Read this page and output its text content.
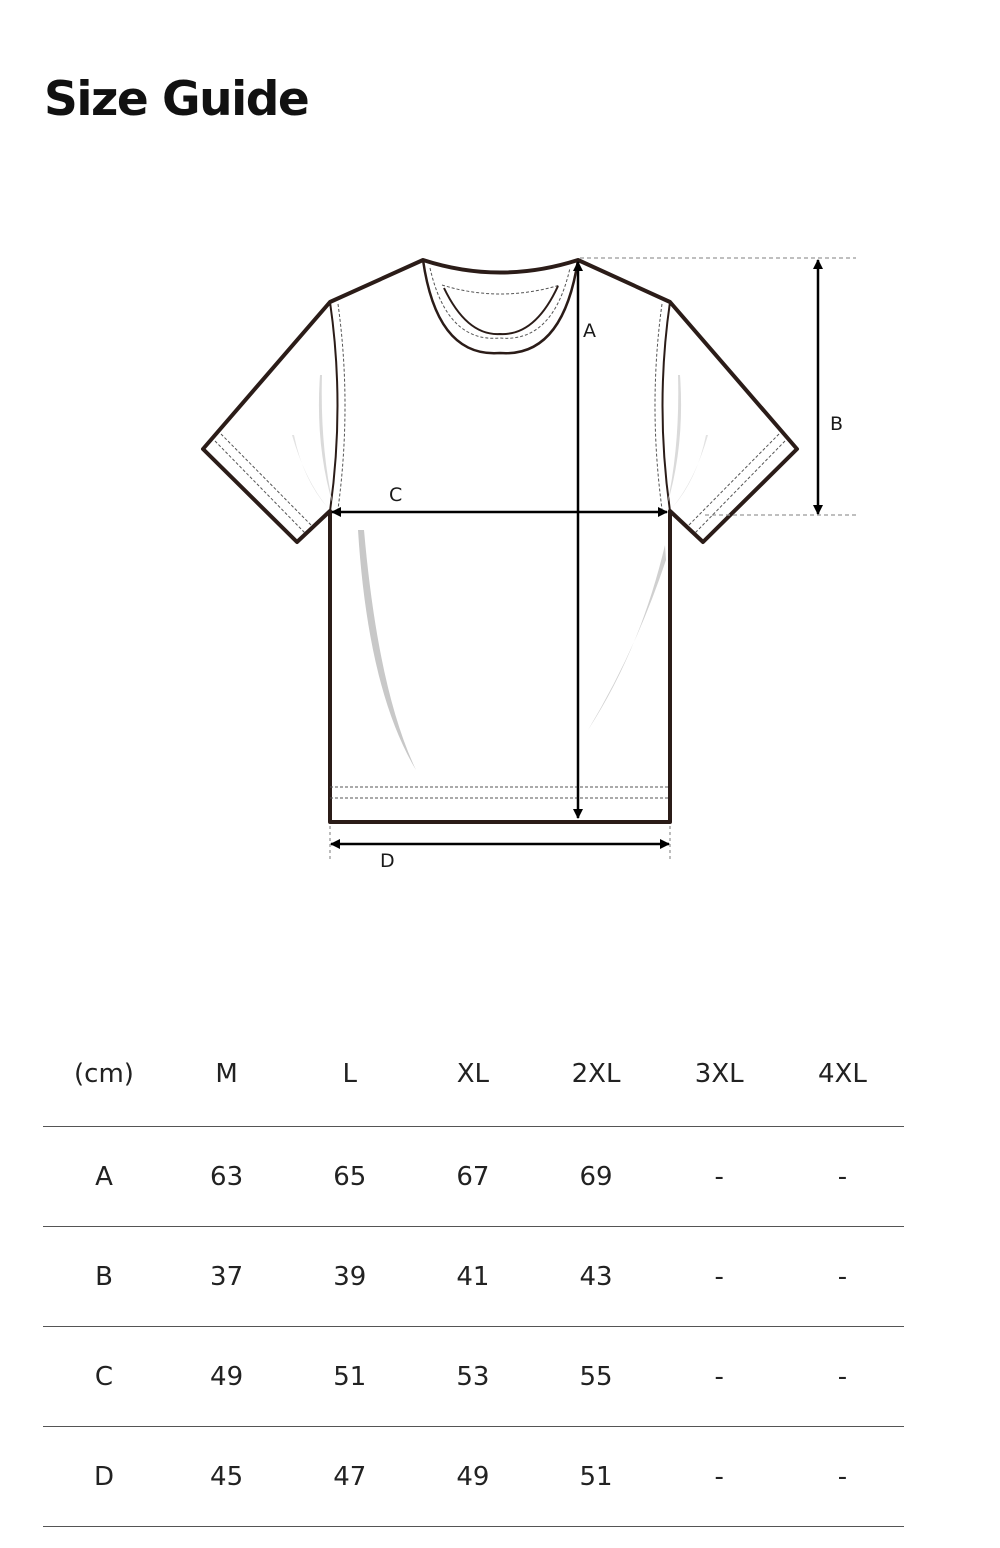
Size Guide
A
B
C
D
(cm)	M	L	XL	2XL	3XL	4XL
A	63	65	67	69	-	-
B	37	39	41	43	-	-
C	49	51	53	55	-	-
D	45	47	49	51	-	-
